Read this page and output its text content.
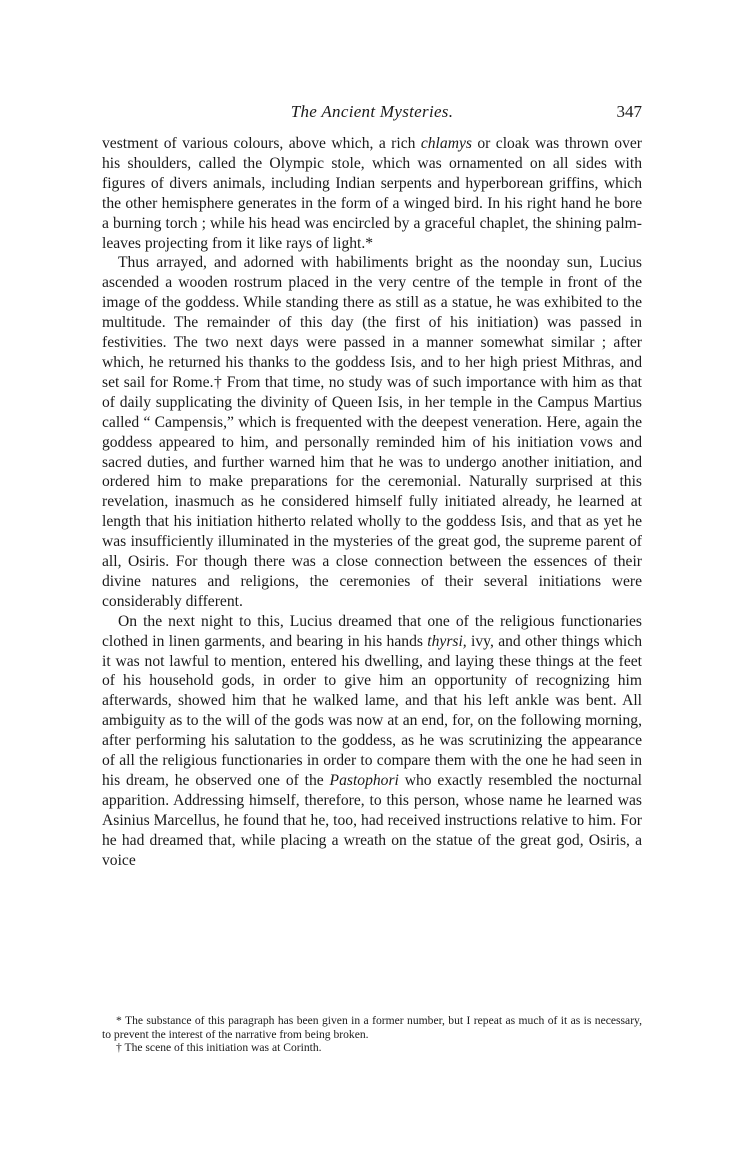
The Ancient Mysteries.	347

vestment of various colours, above which, a rich chlamys or cloak was thrown over his shoulders, called the Olympic stole, which was ornamented on all sides with figures of divers animals, including Indian serpents and hyperborean griffins, which the other hemisphere generates in the form of a winged bird. In his right hand he bore a burning torch ; while his head was encircled by a graceful chaplet, the shining palm-leaves projecting from it like rays of light.*

Thus arrayed, and adorned with habiliments bright as the noonday sun, Lucius ascended a wooden rostrum placed in the very centre of the temple in front of the image of the goddess. While standing there as still as a statue, he was exhibited to the multitude. The remainder of this day (the first of his initiation) was passed in festivities. The two next days were passed in a manner somewhat similar ; after which, he returned his thanks to the goddess Isis, and to her high priest Mithras, and set sail for Rome.† From that time, no study was of such importance with him as that of daily supplicating the divinity of Queen Isis, in her temple in the Campus Martius called “ Campensis,” which is frequented with the deepest veneration. Here, again the goddess appeared to him, and personally reminded him of his initiation vows and sacred duties, and further warned him that he was to undergo another initiation, and ordered him to make preparations for the ceremonial. Naturally surprised at this revelation, inasmuch as he considered himself fully initiated already, he learned at length that his initiation hitherto related wholly to the goddess Isis, and that as yet he was insufficiently illuminated in the mysteries of the great god, the supreme parent of all, Osiris. For though there was a close connection between the essences of their divine natures and religions, the ceremonies of their several initiations were considerably different.

On the next night to this, Lucius dreamed that one of the religious functionaries clothed in linen garments, and bearing in his hands thyrsi, ivy, and other things which it was not lawful to mention, entered his dwelling, and laying these things at the feet of his household gods, in order to give him an opportunity of recognizing him afterwards, showed him that he walked lame, and that his left ankle was bent. All ambiguity as to the will of the gods was now at an end, for, on the following morning, after performing his salutation to the goddess, as he was scrutinizing the appearance of all the religious functionaries in order to compare them with the one he had seen in his dream, he observed one of the Pastophori who exactly resembled the nocturnal apparition. Addressing himself, therefore, to this person, whose name he learned was Asinius Marcellus, he found that he, too, had received instructions relative to him. For he had dreamed that, while placing a wreath on the statue of the great god, Osiris, a voice

* The substance of this paragraph has been given in a former number, but I repeat as much of it as is necessary, to prevent the interest of the narrative from being broken.

† The scene of this initiation was at Corinth.
